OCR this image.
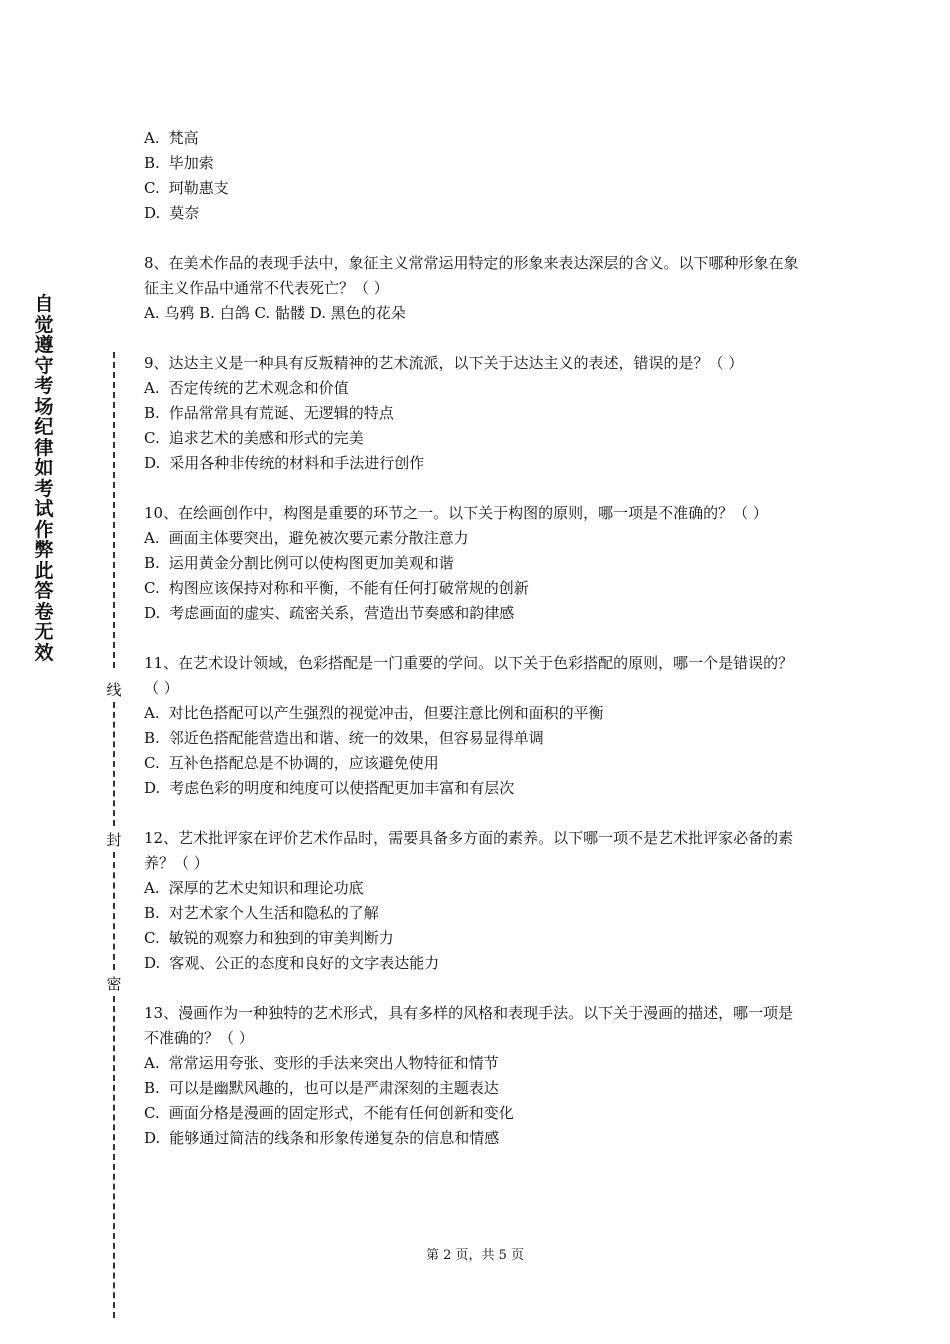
自觉遵守考场纪律如考试作弊此答卷无效
线
封
密
A. 梵高
B. 毕加索
C. 珂勒惠支
D. 莫奈
8、在美术作品的表现手法中，象征主义常常运用特定的形象来表达深层的含义。以下哪种形象在象征主义作品中通常不代表死亡？（ ）
A. 乌鸦 B. 白鸽 C. 骷髅 D. 黑色的花朵
9、达达主义是一种具有反叛精神的艺术流派，以下关于达达主义的表述，错误的是？（ ）
A. 否定传统的艺术观念和价值
B. 作品常常具有荒诞、无逻辑的特点
C. 追求艺术的美感和形式的完美
D. 采用各种非传统的材料和手法进行创作
10、在绘画创作中，构图是重要的环节之一。以下关于构图的原则，哪一项是不准确的？（ ）
A. 画面主体要突出，避免被次要元素分散注意力
B. 运用黄金分割比例可以使构图更加美观和谐
C. 构图应该保持对称和平衡，不能有任何打破常规的创新
D. 考虑画面的虚实、疏密关系，营造出节奏感和韵律感
11、在艺术设计领域，色彩搭配是一门重要的学问。以下关于色彩搭配的原则，哪一个是错误的？（ ）
A. 对比色搭配可以产生强烈的视觉冲击，但要注意比例和面积的平衡
B. 邻近色搭配能营造出和谐、统一的效果，但容易显得单调
C. 互补色搭配总是不协调的，应该避免使用
D. 考虑色彩的明度和纯度可以使搭配更加丰富和有层次
12、艺术批评家在评价艺术作品时，需要具备多方面的素养。以下哪一项不是艺术批评家必备的素养？（ ）
A. 深厚的艺术史知识和理论功底
B. 对艺术家个人生活和隐私的了解
C. 敏锐的观察力和独到的审美判断力
D. 客观、公正的态度和良好的文字表达能力
13、漫画作为一种独特的艺术形式，具有多样的风格和表现手法。以下关于漫画的描述，哪一项是不准确的？（ ）
A. 常常运用夸张、变形的手法来突出人物特征和情节
B. 可以是幽默风趣的，也可以是严肃深刻的主题表达
C. 画面分格是漫画的固定形式，不能有任何创新和变化
D. 能够通过简洁的线条和形象传递复杂的信息和情感
第 2 页，共 5 页
